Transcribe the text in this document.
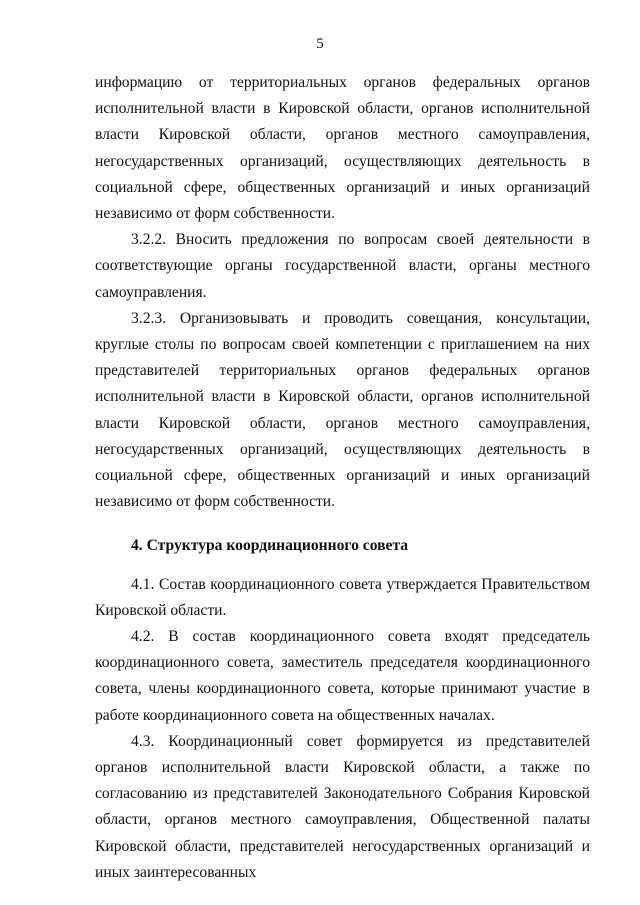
5

информацию от территориальных органов федеральных органов исполнительной власти в Кировской области, органов исполнительной власти Кировской области, органов местного самоуправления, негосударственных организаций, осуществляющих деятельность в социальной сфере, общественных организаций и иных организаций независимо от форм собственности.

3.2.2. Вносить предложения по вопросам своей деятельности в соответствующие органы государственной власти, органы местного самоуправления.

3.2.3. Организовывать и проводить совещания, консультации, круглые столы по вопросам своей компетенции с приглашением на них представителей территориальных органов федеральных органов исполнительной власти в Кировской области, органов исполнительной власти Кировской области, органов местного самоуправления, негосударственных организаций, осуществляющих деятельность в социальной сфере, общественных организаций и иных организаций независимо от форм собственности.

4. Структура координационного совета

4.1. Состав координационного совета утверждается Правительством Кировской области.

4.2. В состав координационного совета входят председатель координационного совета, заместитель председателя координационного совета, члены координационного совета, которые принимают участие в работе координационного совета на общественных началах.

4.3. Координационный совет формируется из представителей органов исполнительной власти Кировской области, а также по согласованию из представителей Законодательного Собрания Кировской области, органов местного самоуправления, Общественной палаты Кировской области, представителей негосударственных организаций и иных заинтересованных
